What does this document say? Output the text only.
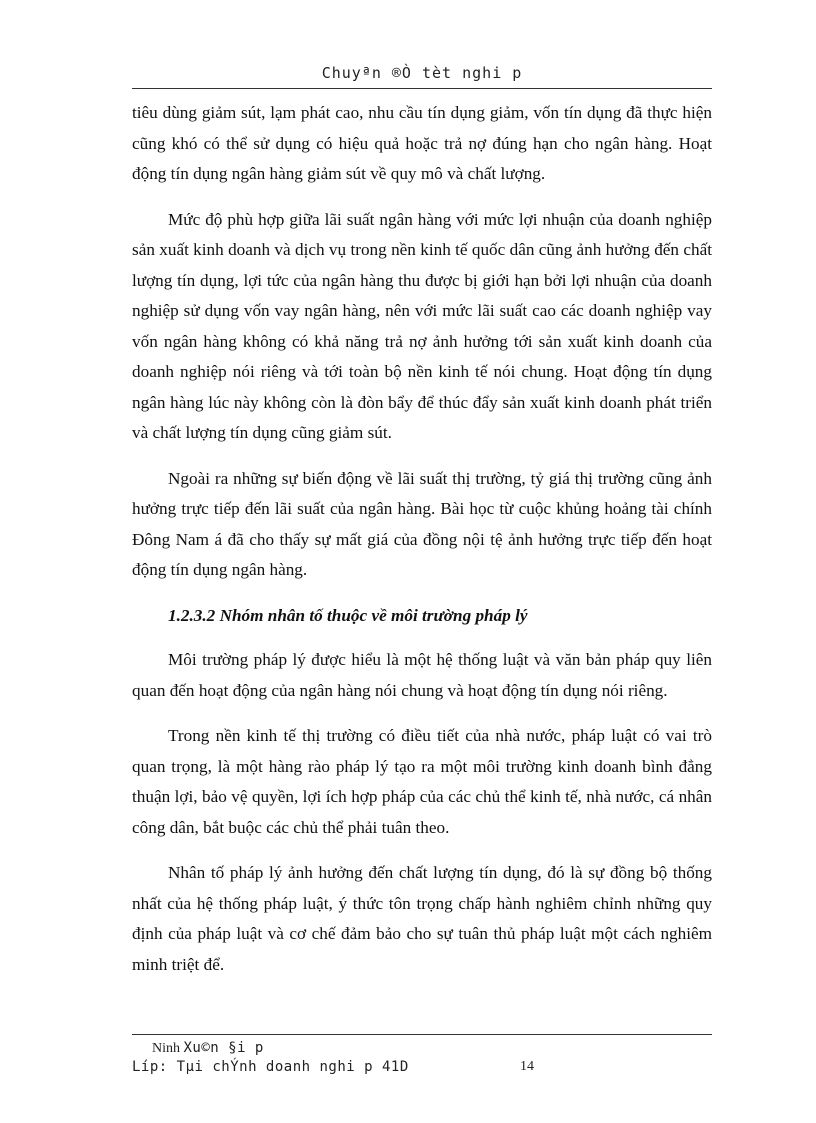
Chuyªn ®Ò tèt nghi p

tiêu dùng giảm sút, lạm phát cao, nhu cầu tín dụng giảm, vốn tín dụng đã thực hiện cũng khó có thể sử dụng có hiệu quả hoặc trả nợ đúng hạn cho ngân hàng. Hoạt động tín dụng ngân hàng giảm sút về quy mô và chất lượng.

Mức độ phù hợp giữa lãi suất ngân hàng với mức lợi nhuận của doanh nghiệp sản xuất kinh doanh và dịch vụ trong nền kinh tế quốc dân cũng ảnh hưởng đến chất lượng tín dụng, lợi tức của ngân hàng thu được bị giới hạn bởi lợi nhuận của doanh nghiệp sử dụng vốn vay ngân hàng, nên với mức lãi suất cao các doanh nghiệp vay vốn ngân hàng không có khả năng trả nợ ảnh hưởng tới sản xuất kinh doanh của doanh nghiệp nói riêng và tới toàn bộ nền kinh tế nói chung. Hoạt động tín dụng ngân hàng lúc này không còn là đòn bẩy để thúc đẩy sản xuất kinh doanh phát triển và chất lượng tín dụng cũng giảm sút.

Ngoài ra những sự biến động về lãi suất thị trường, tỷ giá thị trường cũng ảnh hưởng trực tiếp đến lãi suất của ngân hàng. Bài học từ cuộc khủng hoảng tài chính Đông Nam á đã cho thấy sự mất giá của đồng nội tệ ảnh hưởng trực tiếp đến hoạt động tín dụng ngân hàng.

1.2.3.2 Nhóm nhân tố thuộc về môi trường pháp lý

Môi trường pháp lý được hiểu là một hệ thống luật và văn bản pháp quy liên quan đến hoạt động của ngân hàng nói chung và hoạt động tín dụng nói riêng.

Trong nền kinh tế thị trường có điều tiết của nhà nước, pháp luật có vai trò quan trọng, là một hàng rào pháp lý tạo ra một môi trường kinh doanh bình đẳng thuận lợi, bảo vệ quyền, lợi ích hợp pháp của các chủ thể kinh tế, nhà nước, cá nhân công dân, bắt buộc các chủ thể phải tuân theo.

Nhân tố pháp lý ảnh hưởng đến chất lượng tín dụng, đó là sự đồng bộ thống nhất của hệ thống pháp luật, ý thức tôn trọng chấp hành nghiêm chỉnh những quy định của pháp luật và cơ chế đảm bảo cho sự tuân thủ pháp luật một cách nghiêm minh triệt để.

Ninh Xu©n §i p
Líp: Tµi chÝnh doanh nghi p 41D	14
